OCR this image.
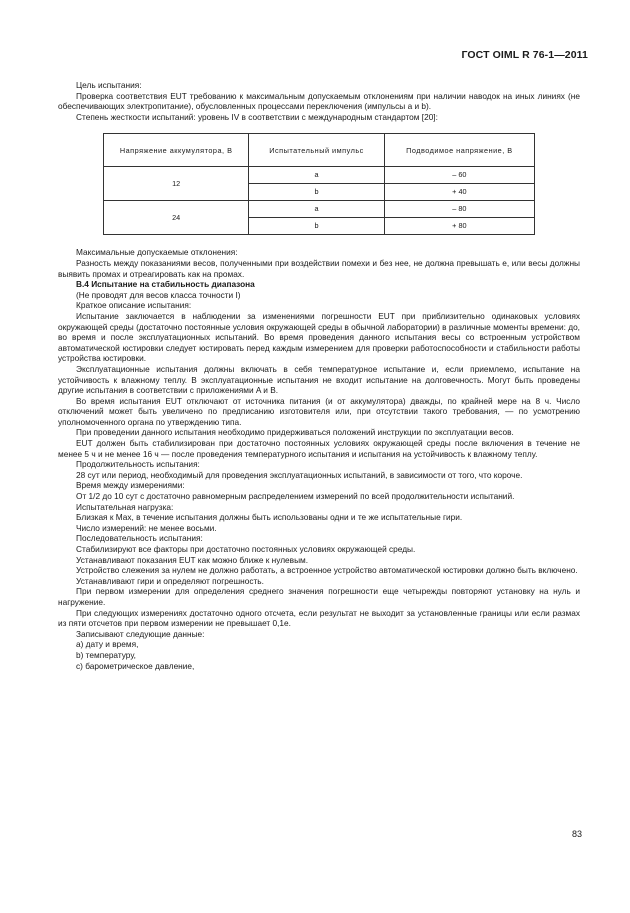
ГОСТ OIML R 76-1—2011

Цель испытания:

Проверка соответствия EUT требованию к максимальным допускаемым отклонениям при наличии наводок на иных линиях (не обеспечивающих электропитание), обусловленных процессами переключения (импульсы a и b).

Степень жесткости испытаний: уровень IV в соответствии с международным стандартом [20]:

Напряжение аккумулятора, В	Испытательный импульс	Подводимое напряжение, В
12	a	– 60
	b	+ 40
24	a	– 80
	b	+ 80

Максимальные допускаемые отклонения:

Разность между показаниями весов, полученными при воздействии помехи и без нее, не должна превышать e, или весы должны выявить промах и отреагировать как на промах.

B.4 Испытание на стабильность диапазона

(Не проводят для весов класса точности I)

Краткое описание испытания:

Испытание заключается в наблюдении за изменениями погрешности EUT при приблизительно одинаковых условиях окружающей среды (достаточно постоянные условия окружающей среды в обычной лаборатории) в различные моменты времени: до, во время и после эксплуатационных испытаний. Во время проведения данного испытания весы со встроенным устройством автоматической юстировки следует юстировать перед каждым измерением для проверки работоспособности и стабильности работы устройства юстировки.

Эксплуатационные испытания должны включать в себя температурное испытание и, если приемлемо, испытание на устойчивость к влажному теплу. В эксплуатационные испытания не входит испытание на долговечность. Могут быть проведены другие испытания в соответствии с приложениями A и B.

Во время испытания EUT отключают от источника питания (и от аккумулятора) дважды, по крайней мере на 8 ч. Число отключений может быть увеличено по предписанию изготовителя или, при отсутствии такого требования, — по усмотрению уполномоченного органа по утверждению типа.

При проведении данного испытания необходимо придерживаться положений инструкции по эксплуатации весов.

EUT должен быть стабилизирован при достаточно постоянных условиях окружающей среды после включения в течение не менее 5 ч и не менее 16 ч — после проведения температурного испытания и испытания на устойчивость к влажному теплу.

Продолжительность испытания:

28 сут или период, необходимый для проведения эксплуатационных испытаний, в зависимости от того, что короче.

Время между измерениями:

От 1/2 до 10 сут с достаточно равномерным распределением измерений по всей продолжительности испытаний.

Испытательная нагрузка:

Близкая к Max, в течение испытания должны быть использованы одни и те же испытательные гири.

Число измерений: не менее восьми.

Последовательность испытания:

Стабилизируют все факторы при достаточно постоянных условиях окружающей среды.

Устанавливают показания EUT как можно ближе к нулевым.

Устройство слежения за нулем не должно работать, а встроенное устройство автоматической юстировки должно быть включено.

Устанавливают гири и определяют погрешность.

При первом измерении для определения среднего значения погрешности еще четырежды повторяют установку на нуль и нагружение.

При следующих измерениях достаточно одного отсчета, если результат не выходит за установленные границы или если размах из пяти отсчетов при первом измерении не превышает 0,1e.

Записывают следующие данные:

a) дату и время,

b) температуру,

c) барометрическое давление,

83
